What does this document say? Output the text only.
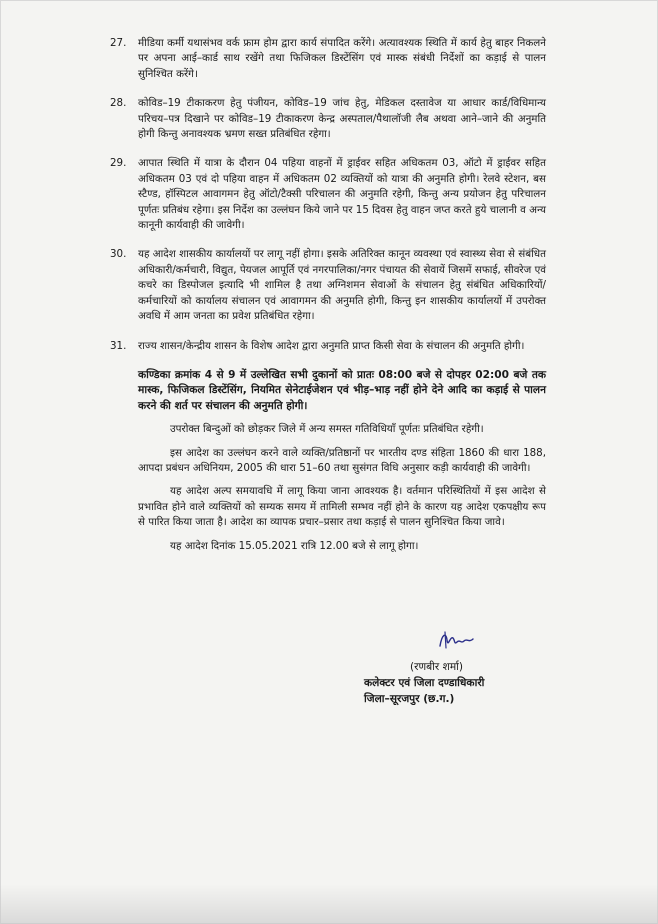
27. मीडिया कर्मी यथासंभव वर्क फ्राम होम द्वारा कार्य संपादित करेंगे। अत्यावश्यक स्थिति में कार्य हेतु बाहर निकलने पर अपना आई–कार्ड साथ रखेंगे तथा फिजिकल डिस्टेंसिंग एवं मास्क संबंधी निर्देशों का कड़ाई से पालन सुनिश्चित करेंगे।
28. कोविड–19 टीकाकरण हेतु पंजीयन, कोविड–19 जांच हेतु, मेडिकल दस्तावेज या आधार कार्ड/विधिमान्य परिचय–पत्र दिखाने पर कोविड–19 टीकाकरण केन्द्र अस्पताल/पैथालॉजी लैब अथवा आने–जाने की अनुमति होगी किन्तु अनावश्यक भ्रमण सख्त प्रतिबंधित रहेगा।
29. आपात स्थिति में यात्रा के दौरान 04 पहिया वाहनों में ड्राईवर सहित अधिकतम 03, ऑटो में ड्राईवर सहित अधिकतम 03 एवं दो पहिया वाहन में अधिकतम 02 व्यक्तियों को यात्रा की अनुमति होगी। रेलवे स्टेशन, बस स्टैण्ड, हॉस्पिटल आवागमन हेतु ऑटो/टैक्सी परिचालन की अनुमति रहेगी, किन्तु अन्य प्रयोजन हेतु परिचालन पूर्णतः प्रतिबंध रहेगा। इस निर्देश का उल्लंघन किये जाने पर 15 दिवस हेतु वाहन जप्त करते हुये चालानी व अन्य कानूनी कार्यवाही की जावेगी।
30. यह आदेश शासकीय कार्यालयों पर लागू नहीं होगा। इसके अतिरिक्त कानून व्यवस्था एवं स्वास्थ्य सेवा से संबंधित अधिकारी/कर्मचारी, विद्युत, पेयजल आपूर्ति एवं नगरपालिका/नगर पंचायत की सेवायें जिसमें सफाई, सीवरेज एवं कचरे का डिस्पोजल इत्यादि भी शामिल है तथा अग्निशमन सेवाओं के संचालन हेतु संबंधित अधिकारियों/कर्मचारियों को कार्यालय संचालन एवं आवागमन की अनुमति होगी, किन्तु इन शासकीय कार्यालयों में उपरोक्त अवधि में आम जनता का प्रवेश प्रतिबंधित रहेगा।
31. राज्य शासन/केन्द्रीय शासन के विशेष आदेश द्वारा अनुमति प्राप्त किसी सेवा के संचालन की अनुमति होगी।
कण्डिका क्रमांक 4 से 9 में उल्लेखित सभी दुकानों को प्रातः 08:00 बजे से दोपहर 02:00 बजे तक मास्क, फिजिकल डिस्टेंसिंग, नियमित सेनेटाईजेशन एवं भीड़–भाड़ नहीं होने देने आदि का कड़ाई से पालन करने की शर्त पर संचालन की अनुमति होगी।
उपरोक्त बिन्दुओं को छोड़कर जिले में अन्य समस्त गतिविधियाँ पूर्णतः प्रतिबंधित रहेगी।
इस आदेश का उल्लंघन करने वाले व्यक्ति/प्रतिष्ठानों पर भारतीय दण्ड संहिता 1860 की धारा 188, आपदा प्रबंधन अधिनियम, 2005 की धारा 51–60 तथा सुसंगत विधि अनुसार कड़ी कार्यवाही की जावेगी।
यह आदेश अल्प समयावधि में लागू किया जाना आवश्यक है। वर्तमान परिस्थितियों में इस आदेश से प्रभावित होने वाले व्यक्तियों को सम्यक समय में तामिली सम्भव नहीं होने के कारण यह आदेश एकपक्षीय रूप से पारित किया जाता है। आदेश का व्यापक प्रचार–प्रसार तथा कड़ाई से पालन सुनिश्चित किया जावे।
यह आदेश दिनांक 15.05.2021 रात्रि 12.00 बजे से लागू होगा।
(रणबीर शर्मा)
कलेक्टर एवं जिला दण्डाधिकारी
जिला–सूरजपुर (छ.ग.)
